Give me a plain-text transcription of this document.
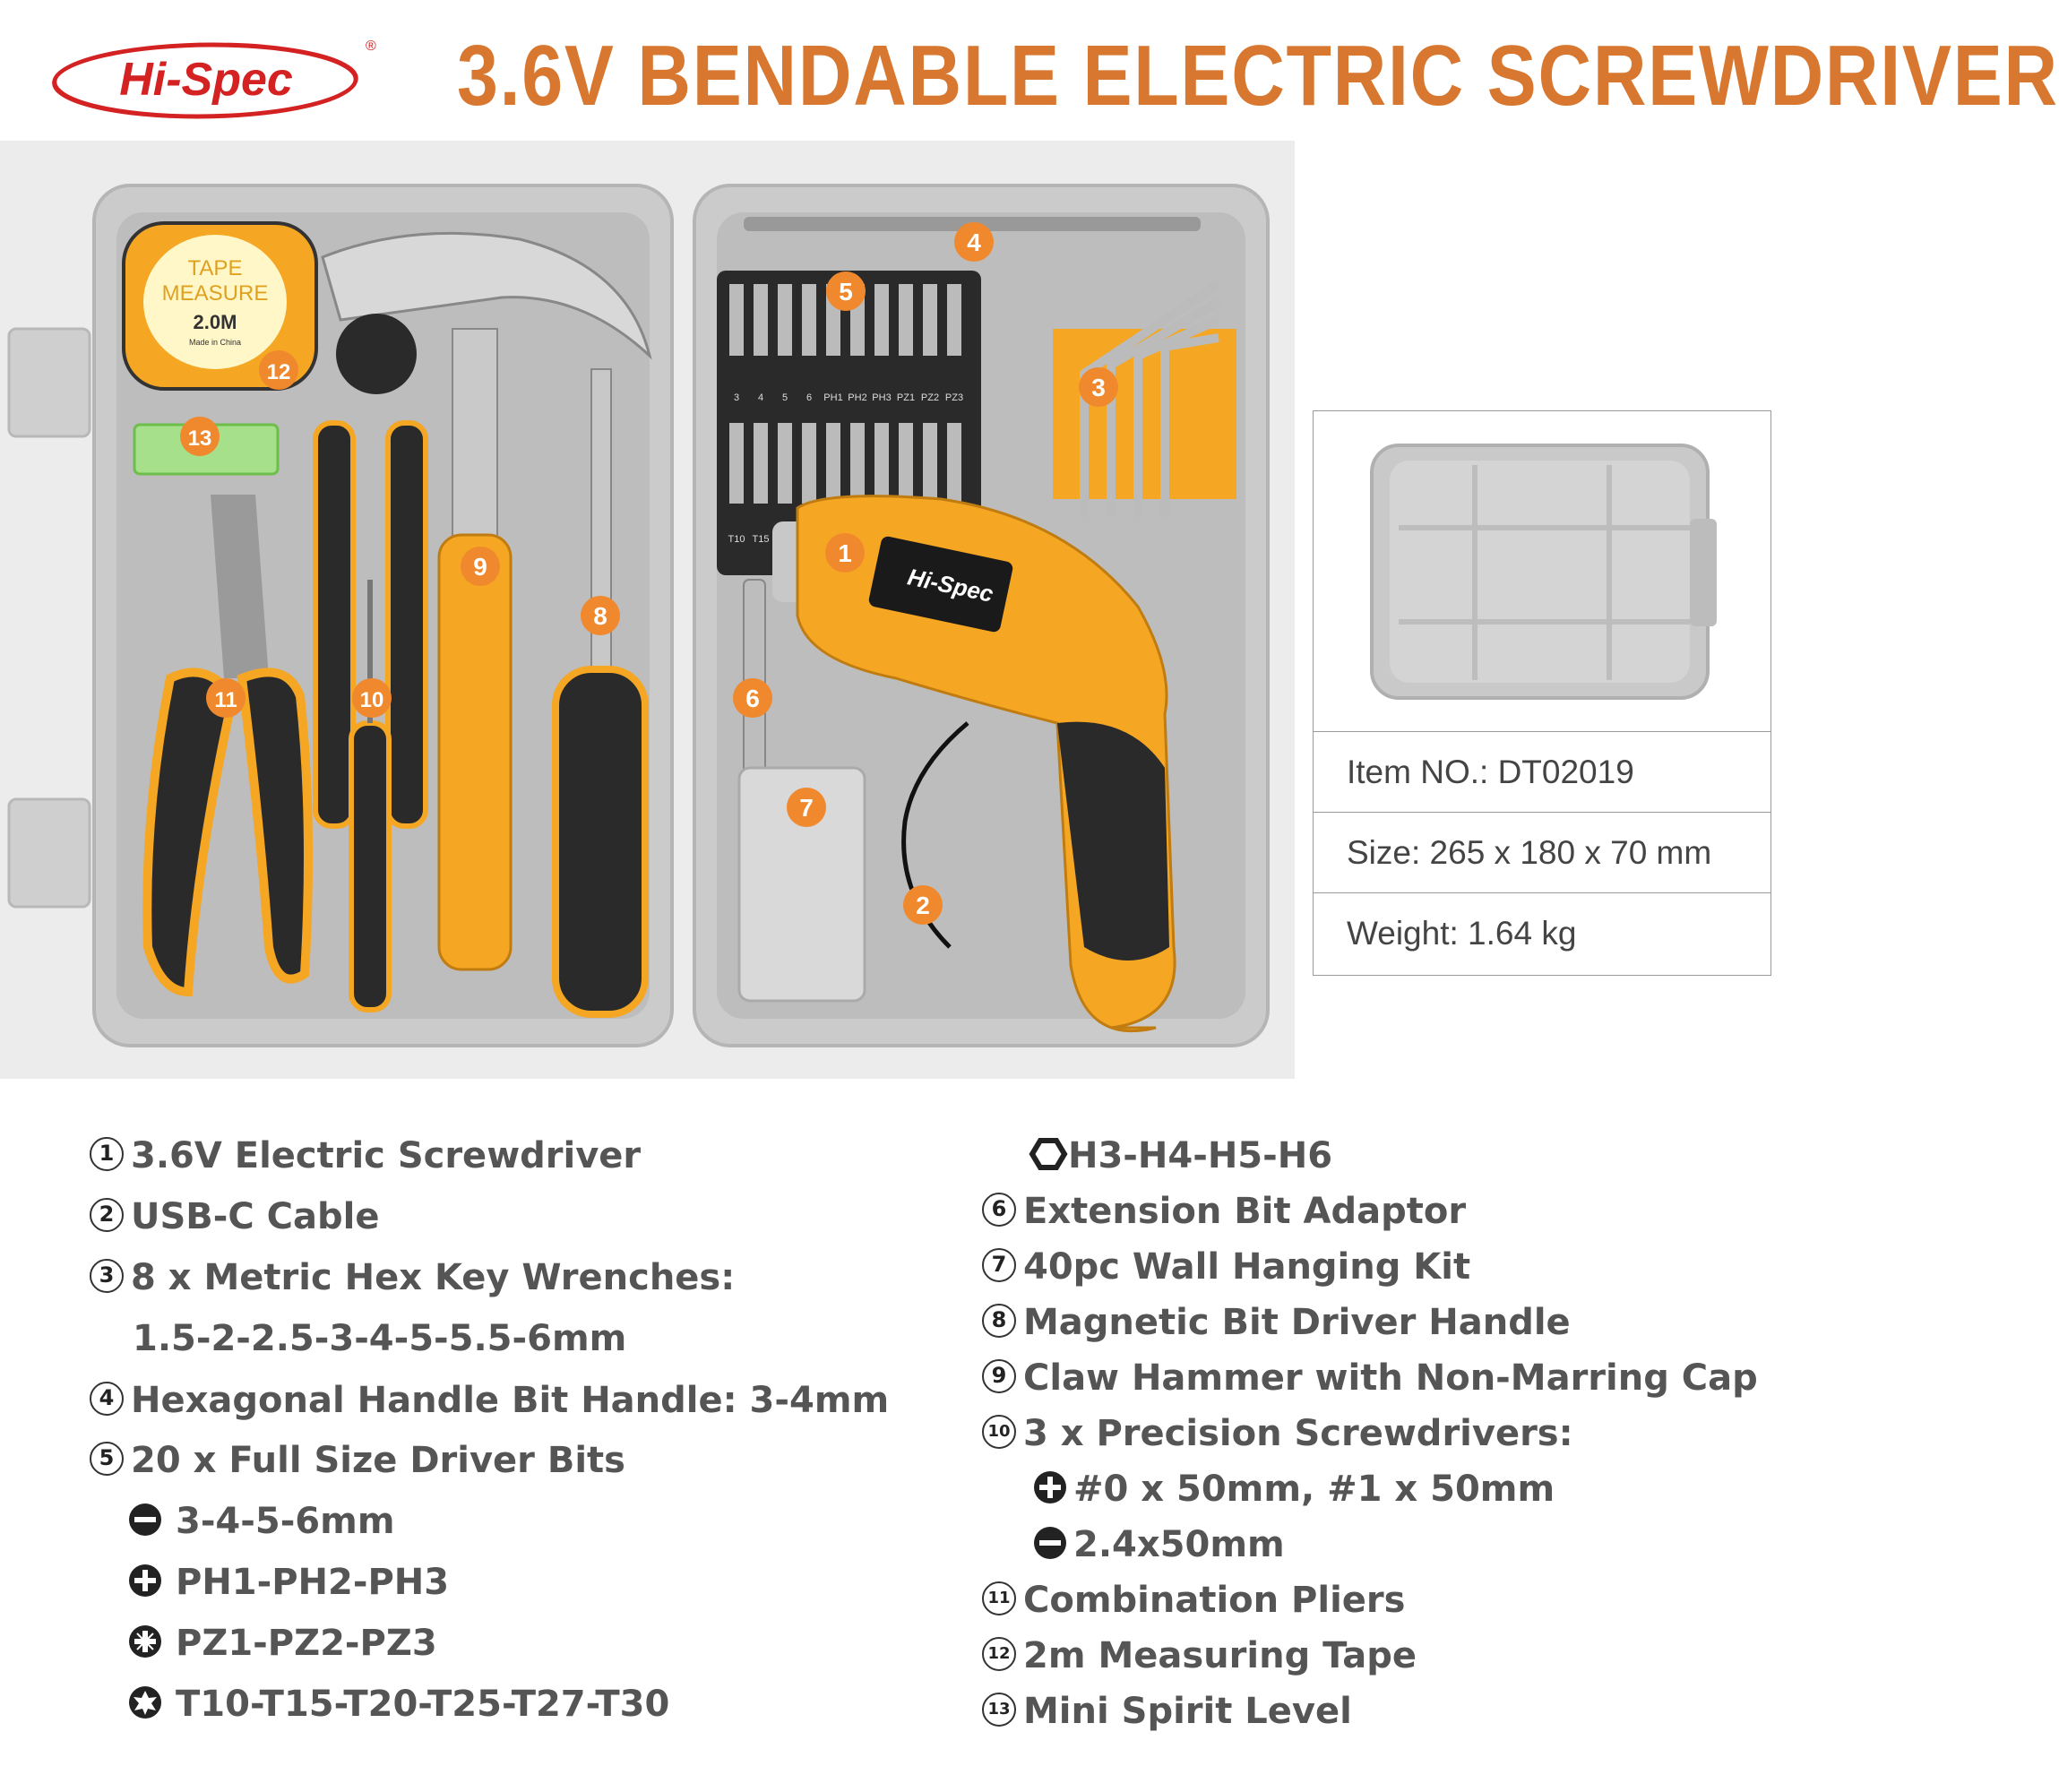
Hi-Spec
® 3.6V BENDABLE ELECTRIC SCREWDRIVER
TAPE
MEASURE
2.0M
Made in China
3 4 5 6 PH1 PH2 PH3 PZ1 PZ2 PZ3
T10 T15
Hi-Spec
1
2
3
4
5
6
7
8
9
10
11
12
13
Item NO.: DT02019
Size: 265 x 180 x 70 mm
Weight: 1.64 kg
1 3.6V Electric Screwdriver
2 USB-C Cable
3 8 x Metric Hex Key Wrenches:
1.5-2-2.5-3-4-5-5.5-6mm
4 Hexagonal Handle Bit Handle: 3-4mm
5 20 x Full Size Driver Bits
3-4-5-6mm
PH1-PH2-PH3
PZ1-PZ2-PZ3
T10-T15-T20-T25-T27-T30
H3-H4-H5-H6
6 Extension Bit Adaptor
7 40pc Wall Hanging Kit
8 Magnetic Bit Driver Handle
9 Claw Hammer with Non-Marring Cap
10 3 x Precision Screwdrivers:
#0 x 50mm, #1 x 50mm
2.4x50mm
11 Combination Pliers
12 2m Measuring Tape
13 Mini Spirit Level
